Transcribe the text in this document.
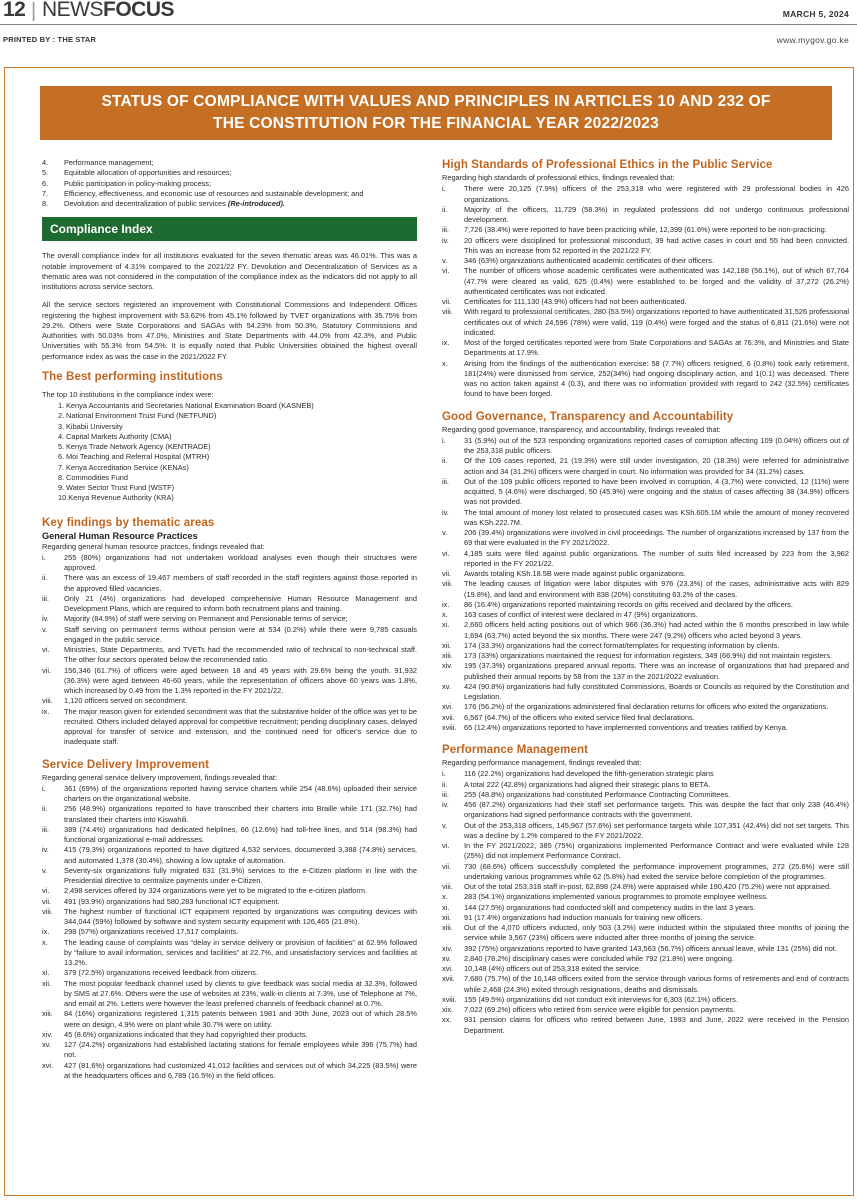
12 | NEWSFOCUS	MARCH 5, 2024
PRINTED BY : THE STAR	www.mygov.go.ke
STATUS OF COMPLIANCE WITH VALUES AND PRINCIPLES IN ARTICLES 10 AND 232 OF
THE CONSTITUTION FOR THE FINANCIAL YEAR 2022/2023
4.	Performance management;
5.	Equitable allocation of opportunities and resources;
6.	Public participation in policy-making process;
7.	Efficiency, effectiveness, and economic use of resources and sustainable development; and
8.	Devolution and decentralization of public services (Re-introduced).
Compliance Index

The overall compliance index for all institutions evaluated for the seven thematic areas was 46.01%. This was a notable improvement of 4.31% compared to the 2021/22 FY. Devolution and Decentralization of Services as a thematic area was not considered in the computation of the compliance index as the indicators did not apply to all institutions across service sectors.

All the service sectors registered an improvement with Constitutional Commissions and Independent Offices registering the highest improvement with 53.62% from 45.1% followed by TVET organizations with 35.75% from 29.2%. Others were State Corporations and SAGAs with 54.23% from 50.3%, Statutory Commissions and Authorities with 50.03% from 47.0%, Ministries and State Departments with 44.0% from 42.3%, and Public Universities with 55.3% from 54.5%. It is equally noted that Public Universities obtained the highest overall performance index as was the case in the 2021/2022 FY.

The Best performing institutions

The top 10 institutions in the compliance index were:

1. Kenya Accountants and Secretaries National Examination Board (KASNEB)
2. National Environment Trust Fund (NETFUND)
3. Kibabii University
4. Capital Markets Authority (CMA)
5. Kenya Trade Network Agency (KENTRADE)
6. Moi Teaching and Referral Hospital (MTRH)
7. Kenya Accreditation Service (KENAs)
8. Commodities Fund
9. Water Sector Trust Fund (WSTF)
10. Kenya Revenue Authority (KRA)
Key findings by thematic areas
General Human Resource Practices

Regarding general human resource practces, findings revealed that:

i.	255 (80%) organizations had not undertaken workload analyses even though their structures were approved.
ii.	There was an excess of 19,467 members of staff recorded in the staff registers against those reported in the approved filled vacancies.
iii.	Only 21 (4%) organizations had developed comprehensive Human Resource Management and Development Plans, which are required to inform both recruitment plans and training.
iv.	Majority (84.9%) of staff were serving on Permanent and Pensionable terms of service;
v.	Staff serving on permanent terms without pension were at 534 (0.2%) while there were 9,785 casuals engaged in the public service.
vi.	Ministries, State Departments, and TVETs had the recommended ratio of technical to non-technical staff. The other four sectors operated below the recommended ratio.
vii.	156,346 (61.7%) of officers were aged between 18 and 45 years with 29.6% being the youth. 91,932 (36.3%) were aged between 46-60 years, while the representation of officers above 60 years was 1.8%, which increased by 0.49 from the 1.3% reported in the FY 2021/22.
viii.	1,120 officers served on secondment.
ix.	The major reason given for extended secondment was that the substantive holder of the office was yet to be recruited. Others included delayed approval for competitive recruitment; pending disciplinary cases, delayed approval for transfer of service and extension, and the continued need for officer's service due to inadequate staff.
Service Delivery Improvement

Regarding general service delivery improvement, findings revealed that:

i.	361 (69%) of the organizations reported having service charters while 254 (48.6%) uploaded their service charters on the organizational website.
ii.	256 (48.9%) organizations reported to have transcribed their charters into Braille while 171 (32.7%) had translated their charters into Kiswahili.
iii.	389 (74.4%) organizations had dedicated helplines, 66 (12.6%) had toll-free lines, and 514 (98.3%) had functional organizational e-mail addresses.
iv.	415 (79.3%) organizations reported to have digitized 4,532 services, documented 3,388 (74.8%) services, and automated 1,378 (30.4%), showing a low uptake of automation.
v.	Seventy-six organizations fully migrated 631 (31.9%) services to the e-Citizen platform in line with the Presidential directive to centralize payments under e-Citizen.
vi.	2,498 services offered by 324 organizations were yet to be migrated to the e-citizen platform.
vii.	491 (93.9%) organizations had 580,283 functional ICT equipment.
viii.	The highest number of functional ICT equipment reported by organizations was computing devices with 344,044 (59%) followed by software and system security equipment with 126,465 (21.8%).
ix.	298 (57%) organizations received 17,517 complaints.
x.	The leading cause of complaints was “delay in service delivery or provision of facilities” at 62.9% followed by “failure to avail information, services and facilities” at 22.7%, and unsatisfactory services and facilities at 13.2%.
xi.	379 (72.5%) organizations received feedback from citizens.
xii.	The most popular feedback channel used by clients to give feedback was social media at 32.3%, followed by SMS at 27.6%. Others were the use of websites at 23%, walk-in clients at 7.3%, use of Telephone at 7%, and email at 2%. Letters were however the least preferred channels of feedback channel at 0.7%.
xiii.	84 (16%) organizations registered 1,315 patents between 1981 and 30th June, 2023 out of which 28.5% were on design, 4.9% were on plant while 30.7% were on utility.
xiv.	45 (8.6%) organizations indicated that they had copyrighted their products.
xv.	127 (24.2%) organizations had established lactating stations for female employees while 396 (75.7%) had not.
xvi.	427 (81.6%) organizations had customized 41,012 facilities and services out of which 34,225 (83.5%) were at the headquarters offices and 6,789 (16.5%) in the field offices.
High Standards of Professional Ethics in the Public Service

Regarding high standards of professional ethics, findings revealed that:

i.	There were 20,125 (7.9%) officers of the 253,318 who were registered with 29 professional bodies in 426 organizations.
ii.	Majority of the officers, 11,729 (58.3%) in regulated professions did not undergo continuous professional development.
iii.	7,726 (38.4%) were reported to have been practicing while, 12,399 (61.6%) were reported to be non-practicing.
iv.	20 officers were disciplined for professional misconduct, 39 had active cases in court and 55 had been convicted. This was an increase from 52 reported in the 2021/22 FY.
v.	346 (63%) organizations authenticated academic certificates of their officers.
vi.	The number of officers whose academic certificates were authenticated was 142,188 (56.1%), out of which 67,764 (47.7% were cleared as valid, 625 (0.4%) were established to be forged and the validity of 37,272 (26.2%) authenticated certificates was not indicated.
vii.	Certificates for 111,130 (43.9%) officers had not been authenticated.
viii.	With regard to professional certificates, 280 (53.5%) organizations reported to have authenticated 31,526 professional certificates out of which 24,596 (78%) were valid, 119 (0.4%) were forged and the status of 6,811 (21.6%) were not indicated.
ix.	Most of the forged certificates reported were from State Corporations and SAGAs at 76.3%, and Ministries and State Departments at 17.9%.
x.	Arising from the findings of the authentication exercise: 58 (7.7%) officers resigned, 6 (0.8%) took early retirement, 181(24%) were dismissed from service, 252(34%) had ongoing disciplinary action, and 1(0.1) was deceased. There was no action taken against 4 (0.3), and there was no information provided with regard to 242 (32.5%) certificates found to have been forged.
Good Governance, Transparency and Accountability

Regarding good governance, transparency, and accountability, findings revealed that:

i.	31 (5.9%) out of the 523 responding organizations reported cases of corruption affecting 109 (0.04%) officers out of the 253,318 public officers.
ii.	Of the 109 cases reported, 21 (19.3%) were still under investigation, 20 (18.3%) were referred for administrative action and 34 (31.2%) officers were charged in court. No information was provided for 34 (31.2%) cases.
iii.	Out of the 109 public officers reported to have been involved in corruption, 4 (3.7%) were convicted, 12 (11%) were acquitted, 5 (4.6%) were discharged, 50 (45.9%) were ongoing and the status of cases affecting 38 (34.9%) officers was not provided.
iv.	The total amount of money lost related to prosecuted cases was KSh.605.1M while the amount of money recovered was KSh.222.7M.
v.	206 (39.4%) organizations were involved in civil proceedings. The number of organizations increased by 137 from the 69 that were evaluated in the FY 2021/2022.
vi.	4,185 suits were filed against public organizations. The number of suits filed increased by 223 from the 3,962 reported in the FY 2021/22.
vii.	Awards totaling KSh.18.5B were made against public organizations.
viii.	The leading causes of litigation were labor disputes with 976 (23.3%) of the cases, administrative acts with 829 (19.8%), and land and environment with 838 (20%) constituting 63.2% of the cases.
ix.	86 (16.4%) organizations reported maintaining records on gifts received and declared by the officers.
x.	163 cases of conflict of interest were declared in 47 (9%) organizations.
xi.	2,660 officers held acting positions out of which 966 (36.3%) had acted within the 6 months prescribed in law while 1,694 (63.7%) acted beyond the six months. There were 247 (9.2%) officers who acted beyond 3 years.
xii.	174 (33.3%) organizations had the correct format/templates for requesting information by clients.
xiii.	173 (33%) organizations maintained the request for information registers, 349 (66.9%) did not maintain registers.
xiv.	195 (37.3%) organizations prepared annual reports. There was an increase of organizations that had prepared and published their annual reports by 58 from the 137 in the 2021/2022 evaluation.
xv.	424 (90.8%) organizations had fully constituted Commissions, Boards or Councils as required by the Constitution and Legislation.
xvi.	176 (56.2%) of the organizations administered final declaration returns for officers who exited the organizations.
xvii.	6,567 (64.7%) of the officers who exited service filed final declarations.
xviii.	65 (12.4%) organizations reported to have implemented conventions and treaties ratified by Kenya.
Performance Management

Regarding performance management, findings revealed that:

i.	116 (22.2%) organizations had developed the fifth-generation strategic plans
ii.	A total 222 (42.8%) organizations had aligned their strategic plans to BETA.
iii.	255 (48.8%) organizations had constituted Performance Contracting Committees.
iv.	456 (87.2%) organizations had their staff set performance targets. This was despite the fact that only 238 (46.4%) organizations had signed performance contracts with the government.
v.	Out of the 253,318 officers, 145,967 (57.6%) set performance targets while 107,351 (42.4%) did not set targets. This was a decline by 1.2% compared to the FY 2021/2022.
vi.	In the FY 2021/2022, 385 (75%) organizations implemented Performance Contract and were evaluated while 128 (25%) did not implement Performance Contract.
vii.	730 (68.6%) officers successfully completed the performance improvement programmes, 272 (25.6%) were still undertaking various programmes while 62 (5.8%) had exited the service before completion of the programmes.
viii.	Out of the total 253,318 staff in-post, 62,898 (24.8%) were appraised while 190,420 (75.2%) were not appraised.
x.	283 (54.1%) organizations implemented various programmes to promote employee wellness.
xi.	144 (27.5%) organizations had conducted skill and competency audits in the last 3 years.
xii.	91 (17.4%) organizations had induction manuals for training new officers.
xiii.	Out of the 4,070 officers inducted, only 503 (3.2%) were inducted within the stipulated three months of joining the service while 3,567 (23%) officers were inducted after three months of joining the service.
xiv.	392 (75%) organizations reported to have granted 143,563 (56.7%) officers annual leave, while 131 (25%) did not.
xv.	2,840 (78.2%) disciplinary cases were concluded while 792 (21.8%) were ongoing.
xvi.	10,148 (4%) officers out of 253,318 exited the service.
xvii.	7,680 (75.7%) of the 10,148 officers exited from the service through various forms of retirements and end of contracts while 2,468 (24.3%) exited through resignations, deaths and dismissals.
xviii.	155 (49.5%) organizations did not conduct exit interviews for 6,303 (62.1%) officers.
xix.	7,022 (69.2%) officers who retired from service were eligible for pension payments.
xx.	931 pension claims for officers who retired between June, 1993 and June, 2022 were received in the Pension Department.
